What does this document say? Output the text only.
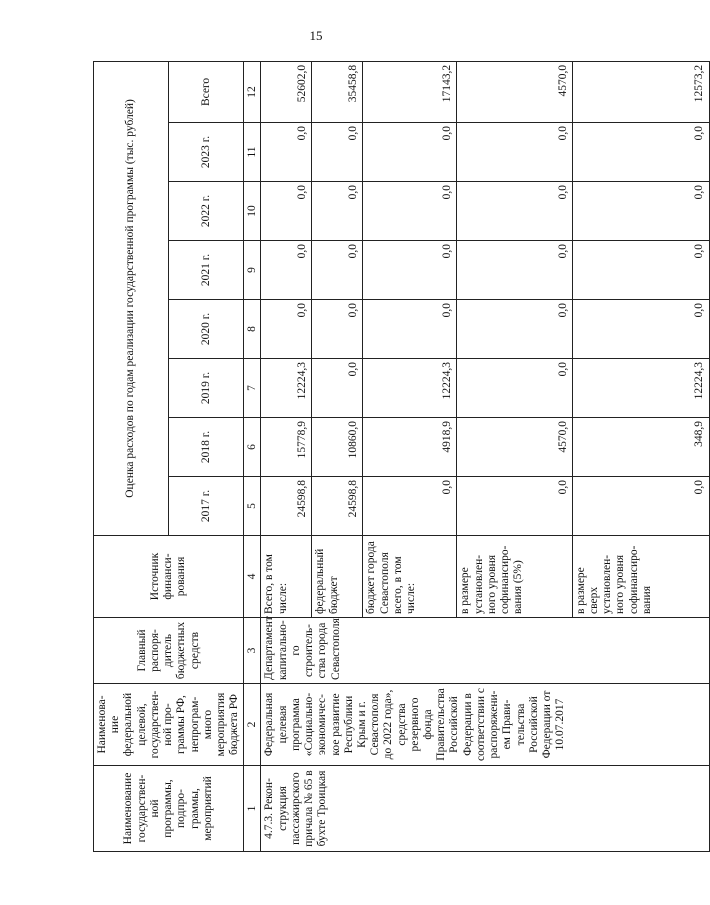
15
Наименование государствен-ной программы, подпро-граммы, мероприятий	Наименова-ние федеральной целевой, государствен-ной про-граммы РФ, непрограм-много мероприятия бюджета РФ	Главный распоря-дитель бюджетных средств	Источник финанси-рования	Оценка расходов по годам реализации государственной программы (тыс. рублей)							
				2017 г.	2018 г.	2019 г.	2020 г.	2021 г.	2022 г.	2023 г.	Всего
1	2	3	4	5	6	7	8	9	10	11	12
4.7.3. Рекон-струкция пассажирского причала № 65 в бухте Троицкая	Федеральная целевая программа «Социально-экономичес-кое развитие Республики Крым и г. Севастополя до 2022 года», средства резервного фонда Правительства Российской Федерации в соответствии с распоряжени-ем Прави-тельства Российской Федерации от 10.07.2017	Департамент капитально-го строитель-ства города Севастополя	Всего, в том числе:	24598,8	15778,9	12224,3	0,0	0,0	0,0	0,0	52602,0
			федеральный бюджет	24598,8	10860,0	0,0	0,0	0,0	0,0	0,0	35458,8
			бюджет города Севастополя всего, в том числе:	0,0	4918,9	12224,3	0,0	0,0	0,0	0,0	17143,2
			в размере установлен-ного уровня софинансиро-вания (5%)	0,0	4570,0	0,0	0,0	0,0	0,0	0,0	4570,0
			в размере сверх установлен-ного уровня софинансиро-вания	0,0	348,9	12224,3	0,0	0,0	0,0	0,0	12573,2
